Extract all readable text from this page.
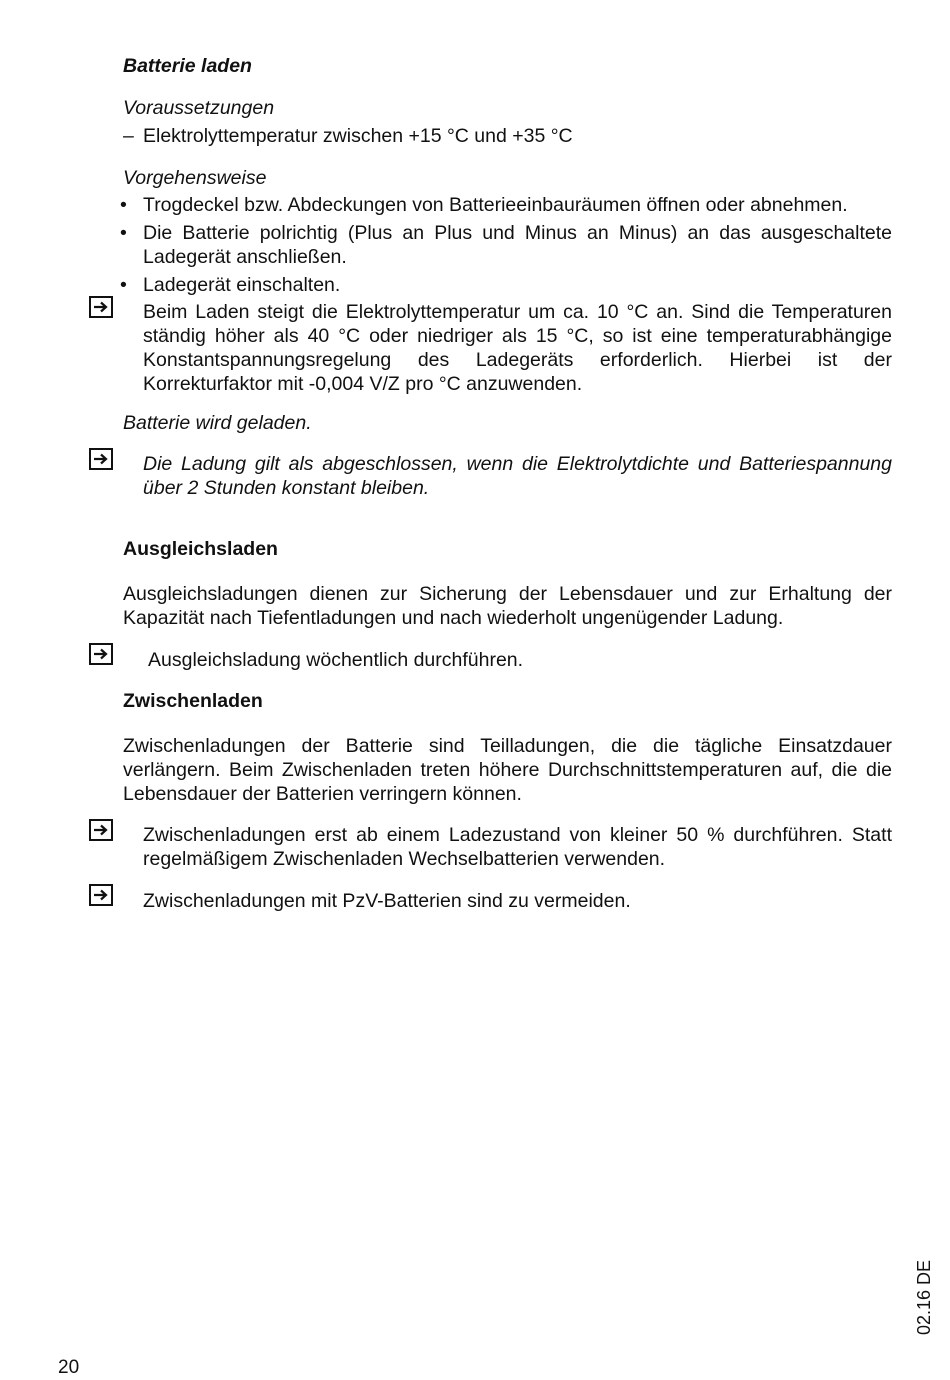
Batterie laden
Voraussetzungen
– Elektrolyttemperatur zwischen +15 °C und +35 °C
Vorgehensweise
• Trogdeckel bzw. Abdeckungen von Batterieeinbauräumen öffnen oder abnehmen.
• Die Batterie polrichtig (Plus an Plus und Minus an Minus) an das ausgeschaltete Ladegerät anschließen.
• Ladegerät einschalten.
Beim Laden steigt die Elektrolyttemperatur um ca. 10 °C an. Sind die Temperaturen ständig höher als 40 °C oder niedriger als 15 °C, so ist eine temperaturabhängige Konstantspannungsregelung des Ladegeräts erforderlich. Hierbei ist der Korrekturfaktor mit -0,004 V/Z pro °C anzuwenden.
Batterie wird geladen.
Die Ladung gilt als abgeschlossen, wenn die Elektrolytdichte und Batteriespannung über 2 Stunden konstant bleiben.
Ausgleichsladen
Ausgleichsladungen dienen zur Sicherung der Lebensdauer und zur Erhaltung der Kapazität nach Tiefentladungen und nach wiederholt ungenügender Ladung.
Ausgleichsladung wöchentlich durchführen.
Zwischenladen
Zwischenladungen der Batterie sind Teilladungen, die die tägliche Einsatzdauer verlängern. Beim Zwischenladen treten höhere Durchschnittstemperaturen auf, die die Lebensdauer der Batterien verringern können.
Zwischenladungen erst ab einem Ladezustand von kleiner 50 % durchführen. Statt regelmäßigem Zwischenladen Wechselbatterien verwenden.
Zwischenladungen mit PzV-Batterien sind zu vermeiden.
20
02.16 DE
